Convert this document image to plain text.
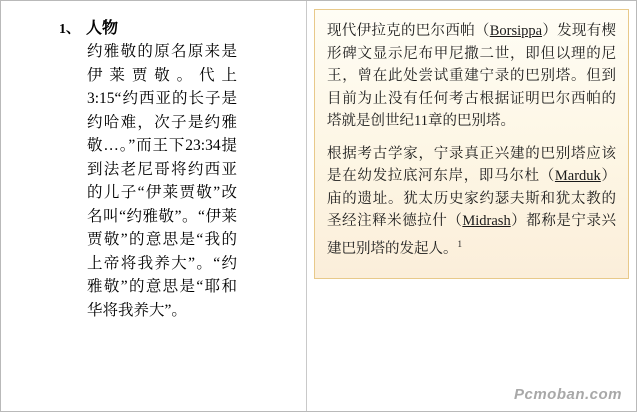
1、 人物
约雅敬的原名原来是伊莱贾敬。代上3:15“约西亚的长子是约哈难，次子是约雅敬…。”而王下23:34提到法老尼哥将约西亚的儿子“伊莱贾敬”改名叫“约雅敬”。“伊莱贾敬”的意思是“我的上帝将我养大”。“约雅敬”的意思是“耶和华将我养大”。

现代伊拉克的巴尔西帕（Borsippa）发现有楔形碑文显示尼布甲尼撒二世，即但以理的尼王，曾在此处尝试重建宁录的巴别塔。但到目前为止没有任何考古根据证明巴尔西帕的塔就是创世纪11章的巴别塔。

根据考古学家，宁录真正兴建的巴别塔应该是在幼发拉底河东岸，即马尔杜（Marduk）庙的遗址。犹太历史家约瑟夫斯和犹太教的圣经注释米德拉什（Midrash）都称是宁录兴建巴别塔的发起人。$^1$

Pcmoban.com
